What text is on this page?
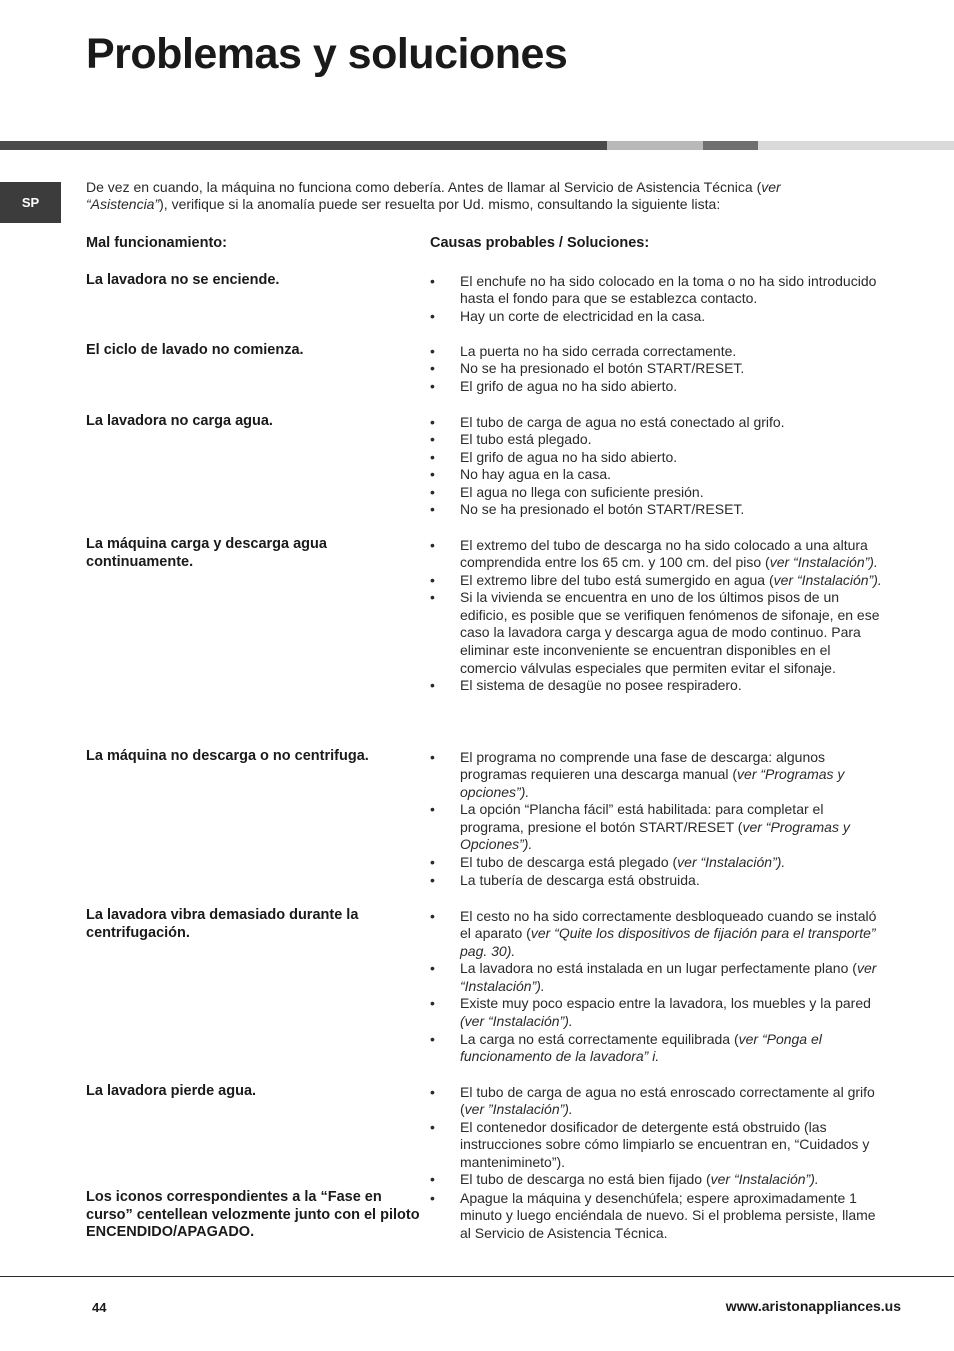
Problemas y soluciones
SP

De vez en cuando, la máquina no funciona como debería. Antes de llamar al Servicio de Asistencia Técnica (ver “Asistencia”), verifique si la anomalía puede ser resuelta por Ud. mismo, consultando la siguiente lista:

Mal funcionamiento:	Causas probables / Soluciones:
La lavadora no se enciende.	• El enchufe no ha sido colocado en la toma o no ha sido introducido hasta el fondo para que se establezca contacto.
• Hay un corte de electricidad en la casa.
El ciclo de lavado no comienza.	• La puerta no ha sido cerrada correctamente.
• No se ha presionado el botón START/RESET.
• El grifo de agua no ha sido abierto.
La lavadora no carga agua.	• El tubo de carga de agua no está conectado al grifo.
• El tubo está plegado.
• El grifo de agua no ha sido abierto.
• No hay agua en la casa.
• El agua no llega con suficiente presión.
• No se ha presionado el botón START/RESET.
La máquina carga y descarga agua continuamente.
• El extremo del tubo de descarga no ha sido colocado a una altura comprendida entre los 65 cm. y 100 cm. del piso (ver “Instalación”).
• El extremo libre del tubo está sumergido en agua (ver “Instalación”).
• Si la vivienda se encuentra en uno de los últimos pisos de un edificio, es posible que se verifiquen fenómenos de sifonaje, en ese caso la lavadora carga y descarga agua de modo continuo. Para eliminar este inconveniente se encuentran disponibles en el comercio válvulas especiales que permiten evitar el sifonaje.
• El sistema de desagüe no posee respiradero.
La máquina no descarga o no centrifuga.	• El programa no comprende una fase de descarga: algunos programas requieren una descarga manual (ver “Programas y opciones”).
• La opción “Plancha fácil” está habilitada: para completar el programa, presione el botón START/RESET (ver “Programas y Opciones”).
• El tubo de descarga está plegado (ver “Instalación”).
• La tubería de descarga está obstruida.
La lavadora vibra demasiado durante la centrifugación.
• El cesto no ha sido correctamente desbloqueado cuando se instaló el aparato (ver “Quite los dispositivos de fijación para el transporte” pag. 30).
• La lavadora no está instalada en un lugar perfectamente plano (ver “Instalación”).
• Existe muy poco espacio entre la lavadora, los muebles y la pared (ver “Instalación”).
• La carga no está correctamente equilibrada (ver “Ponga el funcionamento de la lavadora” i.
La lavadora pierde agua.	• El tubo de carga de agua no está enroscado correctamente al grifo (ver ”Instalación”).
• El contenedor dosificador de detergente está obstruido (las instrucciones sobre cómo limpiarlo se encuentran en, “Cuidados y mantenimineto”).
• El tubo de descarga no está bien fijado (ver “Instalación”).
Los iconos correspondientes a la “Fase en curso” centellean velozmente junto con el piloto ENCENDIDO/APAGADO.
• Apague la máquina y desenchúfela; espere aproximadamente 1 minuto y luego enciéndala de nuevo. Si el problema persiste, llame al Servicio de Asistencia Técnica.
44	www.aristonappliances.us
